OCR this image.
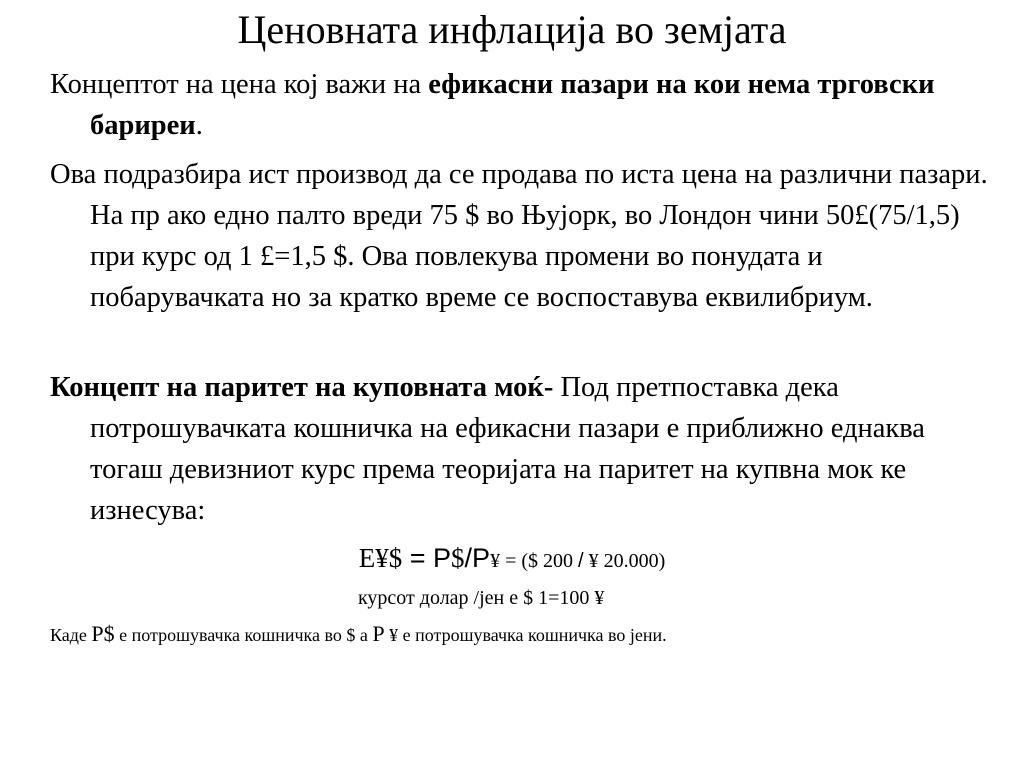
Ценовната инфлација во земјата
Концептот на цена кој важи на ефикасни пазари на кои нема трговски бариреи.
Ова подразбира ист производ да се продава по иста цена на различни пазари. На пр ако едно палто вреди 75 $ во Њујорк, во Лондон чини 50£(75/1,5) при курс од 1 £=1,5 $. Ова повлекува промени во понудата и побарувачката но за кратко време се воспоставува еквилибриум.
Концепт на паритет на куповната моќ- Под претпоставка дека потрошувачката кошничка на ефикасни пазари е приближно еднаква тогаш девизниот курс према теоријата на паритет на купвна мок ке изнесува:
E¥$ = P$/P¥ = ($ 200 / ¥ 20.000)
курсот долар /јен е $ 1=100 ¥
Каде P$ е потрошувачка кошничка во $ а P ¥ е потрошувачка кошничка во јени.
